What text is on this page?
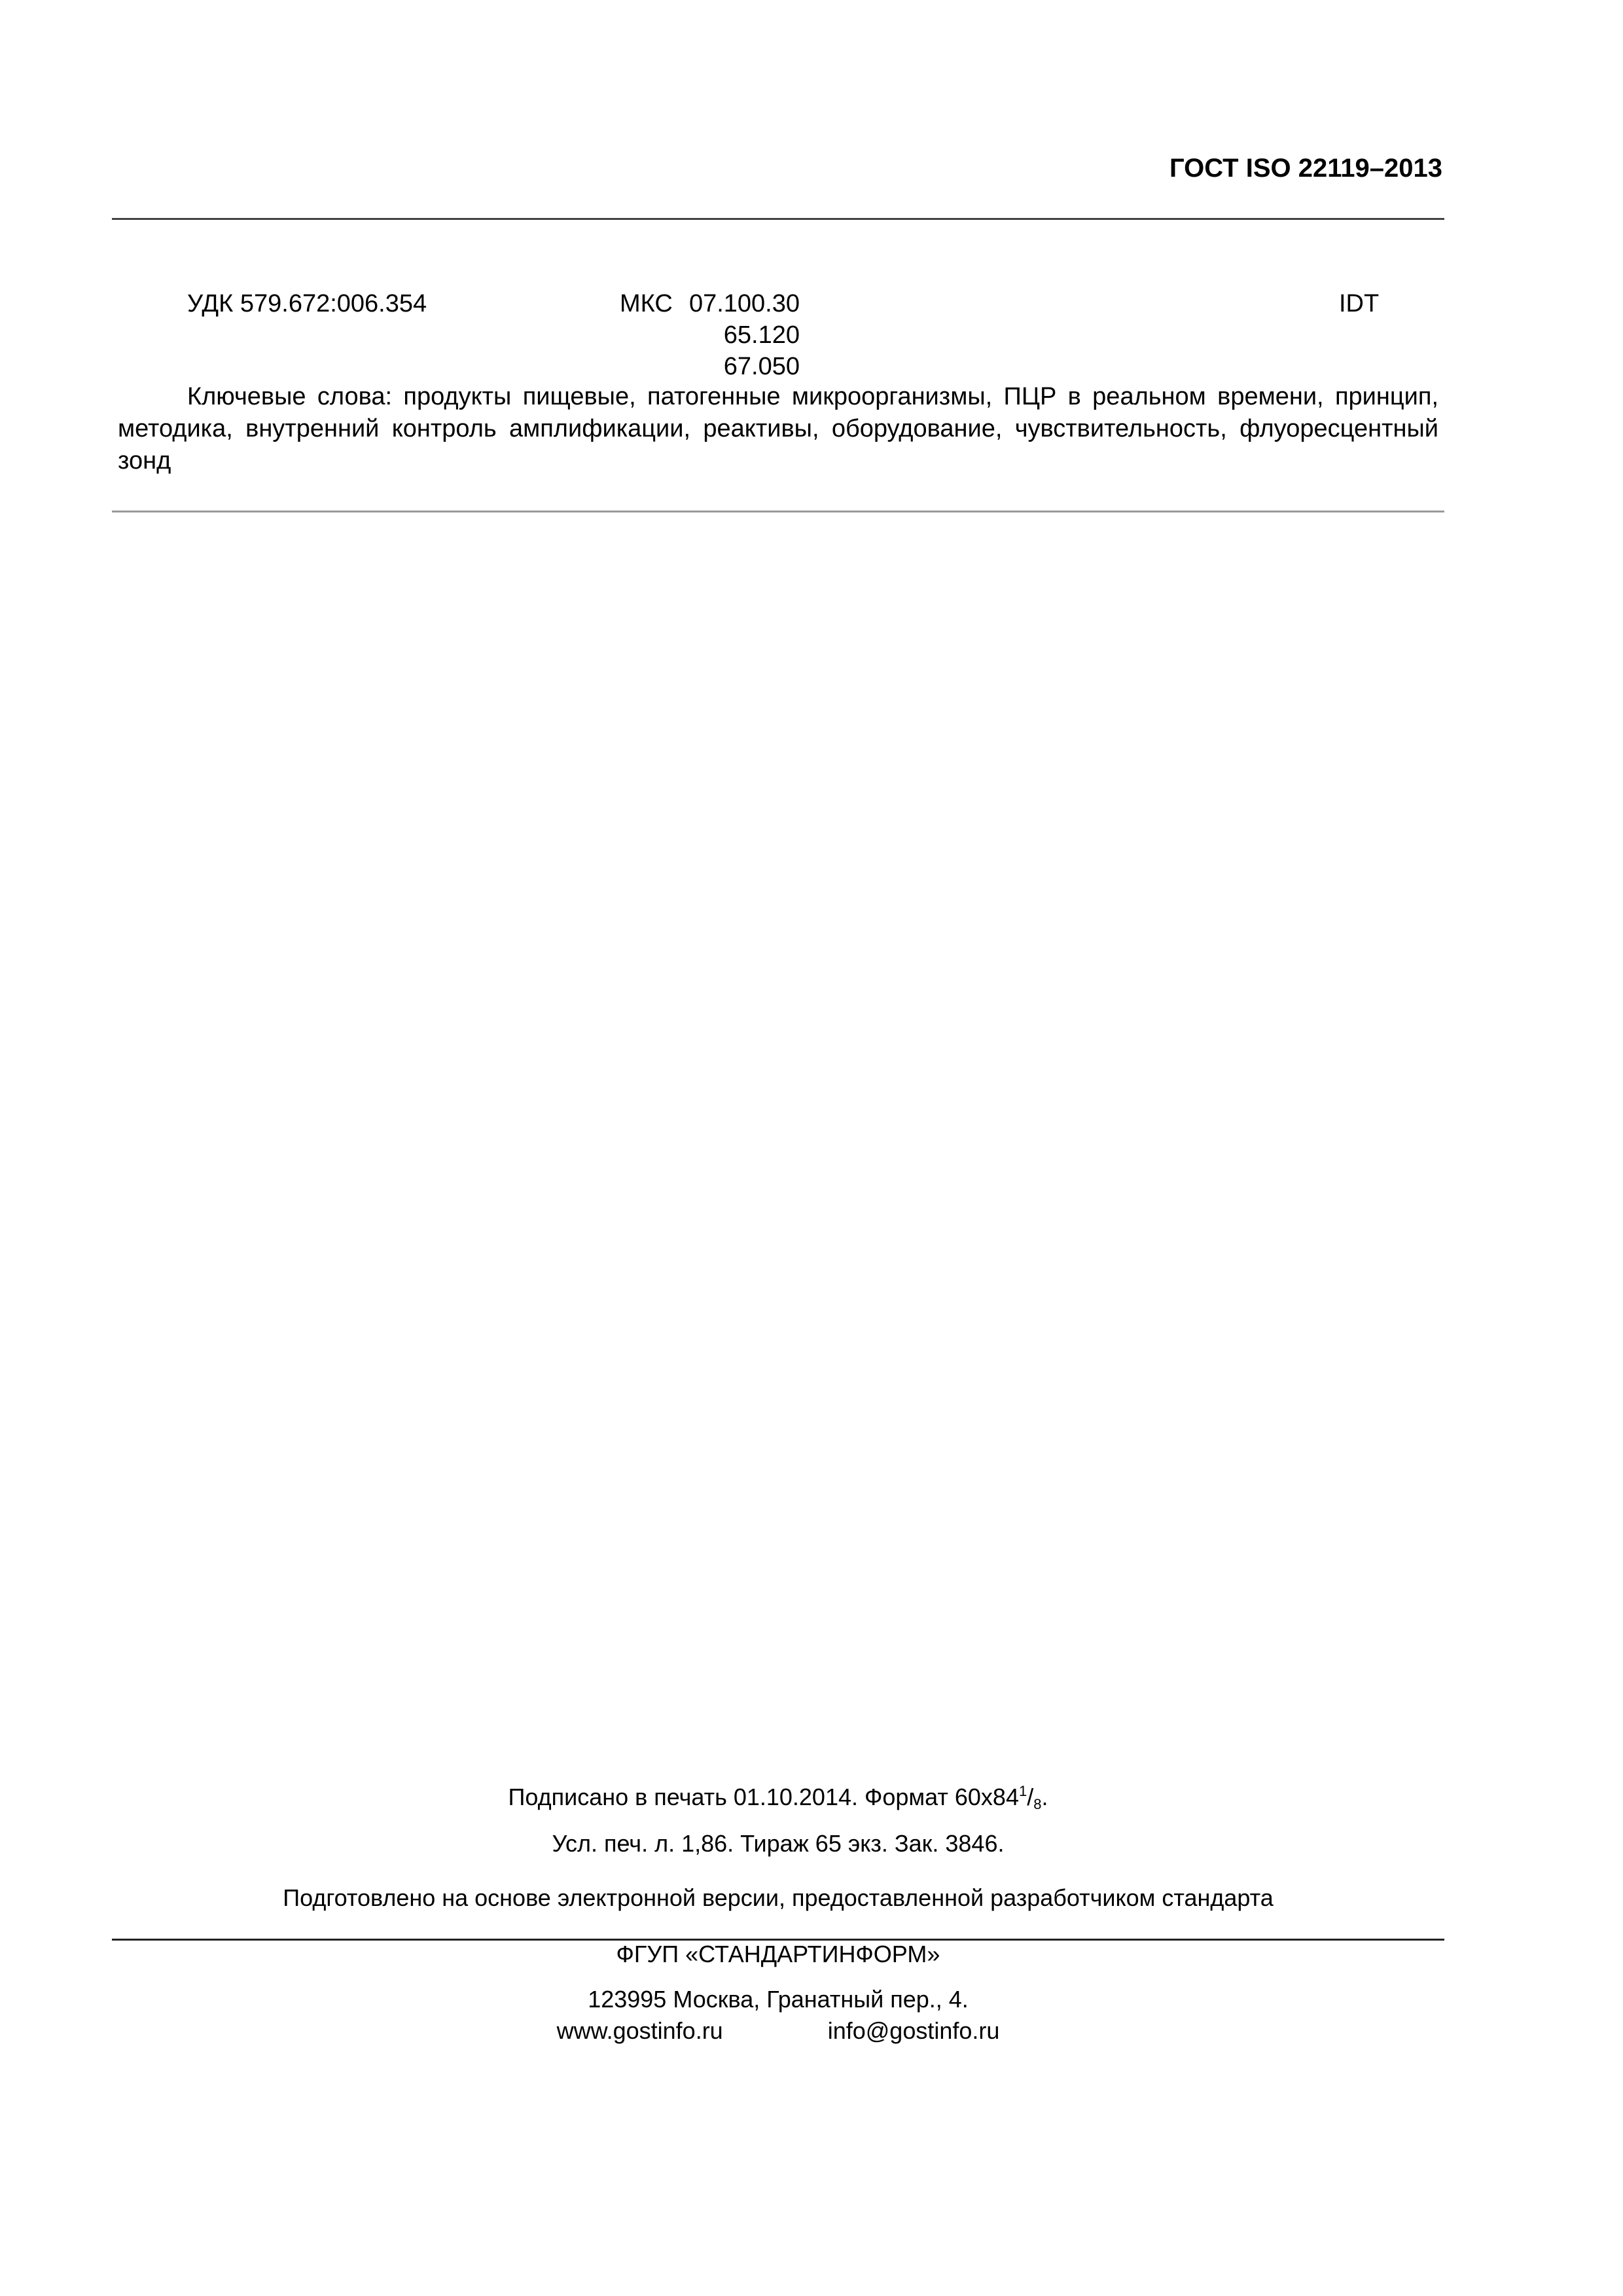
ГОСТ ISO 22119–2013
УДК 579.672:006.354	МКС 07.100.30
65.120
67.050
IDT

Ключевые слова: продукты пищевые, патогенные микроорганизмы, ПЦР в реальном времени, принцип, методика, внутренний контроль амплификации, реактивы, оборудование, чувствительность, флуоресцентный зонд

Подписано в печать 01.10.2014. Формат $60x84^1/_8$.
Усл. печ. л. 1,86. Тираж 65 экз. Зак. 3846.
Подготовлено на основе электронной версии, предоставленной разработчиком стандарта
ФГУП «СТАНДАРТИНФОРМ»
123995 Москва, Гранатный пер., 4.
www.gostinfo.ru	info@gostinfo.ru
